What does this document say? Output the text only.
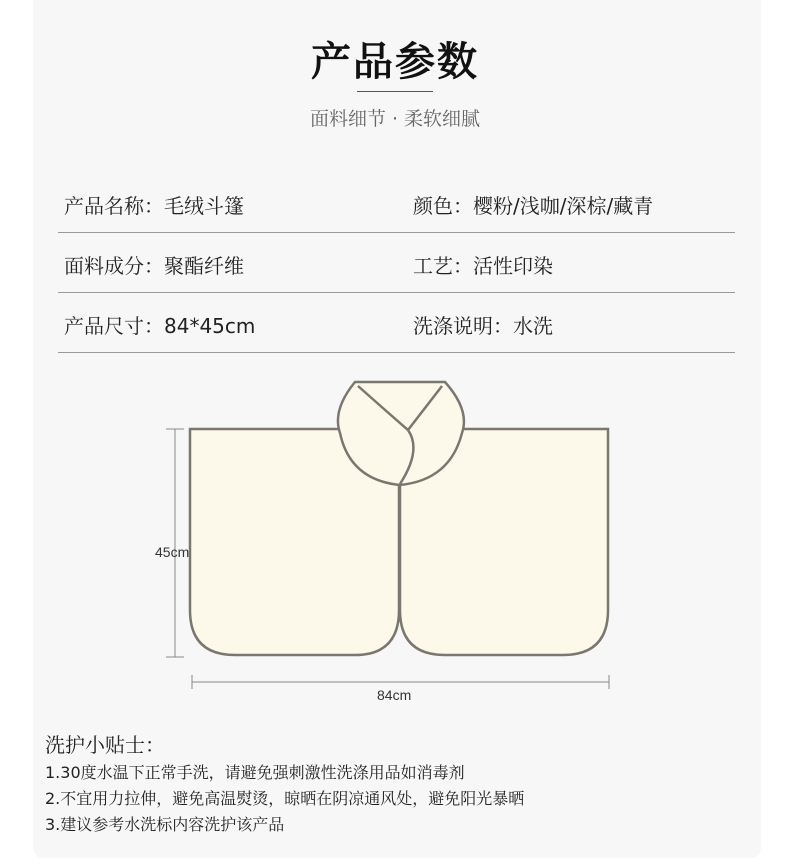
产品参数
面料细节 · 柔软细腻
产品名称：毛绒斗篷	颜色：樱粉/浅咖/深棕/藏青
面料成分：聚酯纤维	工艺：活性印染
产品尺寸：84*45cm	洗涤说明：水洗
45cm
84cm
洗护小贴士：
1.30度水温下正常手洗，请避免强刺激性洗涤用品如消毒剂
2.不宜用力拉伸，避免高温熨烫，晾晒在阴凉通风处，避免阳光暴晒
3.建议参考水洗标内容洗护该产品
